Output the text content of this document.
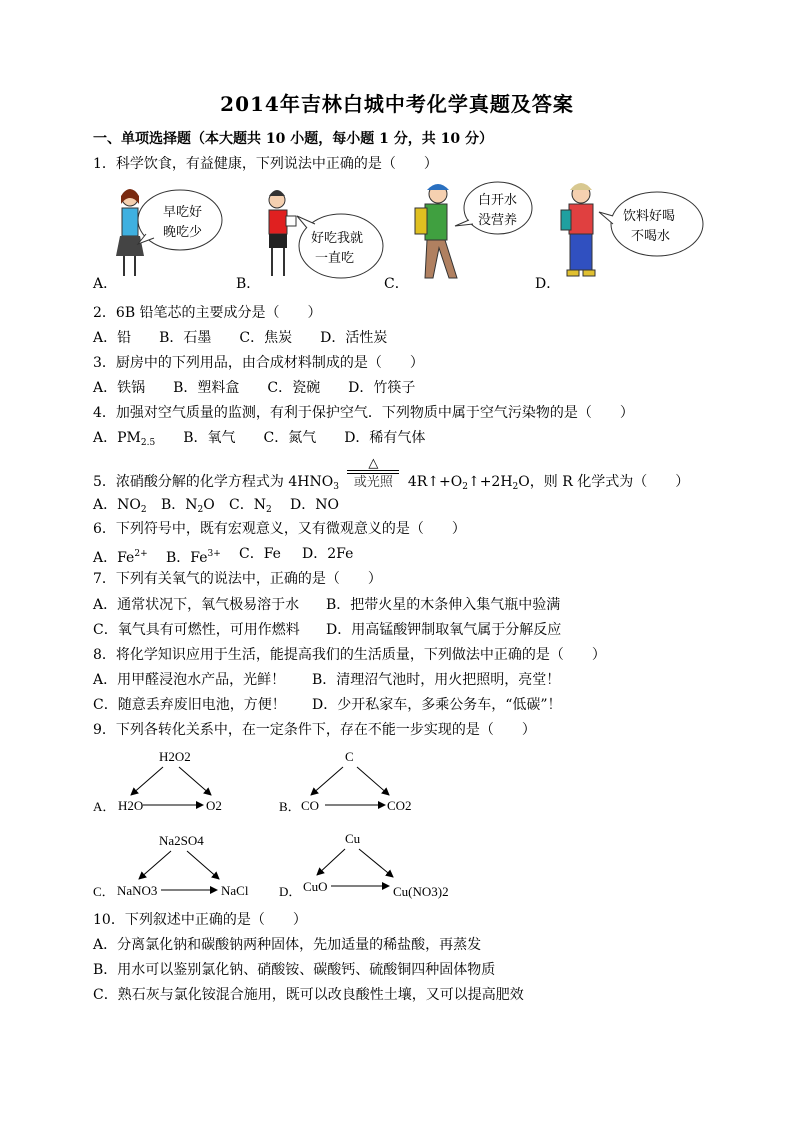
2014年吉林白城中考化学真题及答案
一、单项选择题（本大题共 10 小题，每小题 1 分，共 10 分）
1．科学饮食，有益健康，下列说法中正确的是（　　）
早吃好
晚吃少	好吃我就
一直吃
白开水
没营养	饮料好喝
不喝水
A．	B．	C．	D．
2．6B 铅笔芯的主要成分是（　　）
A．铅　　B．石墨　　C．焦炭　　D．活性炭
3．厨房中的下列用品，由合成材料制成的是（　　）
A．铁锅　　B．塑料盒　　C．瓷碗　　D．竹筷子
4．加强对空气质量的监测，有利于保护空气．下列物质中属于空气污染物的是（　　）
A．$PM_{2.5}$　　B．氧气　　C．氮气　　D．稀有气体
5．浓硝酸分解的化学方程式为 $4HNO_3$
△
或光照 $4R↑+O_2↑+2H_2O$，则 R 化学式为（　　）
A．$NO_2$ B．$N_2O$ C．$N_2$ D．NO
6．下列符号中，既有宏观意义，又有微观意义的是（　　）
A．$Fe^{2+}$ B．$Fe^{3+}$ C．Fe D．2Fe
7．下列有关氧气的说法中，正确的是（　　）
A．通常状况下，氧气极易溶于水 B．把带火星的木条伸入集气瓶中验满
C．氧气具有可燃性，可用作燃料 D．用高锰酸钾制取氧气属于分解反应
8．将化学知识应用于生活，能提高我们的生活质量，下列做法中正确的是（　　）
A．用甲醛浸泡水产品，光鲜！ B．清理沼气池时，用火把照明，亮堂！
C．随意丢弃废旧电池，方便！ D．少开私家车，多乘公务车，“低碳”！
9．下列各转化关系中，在一定条件下，存在不能一步实现的是（　　）
A．
H2O2
H2O	O2	B．
C
CO	CO2
C．
Na2SO4
NaNO3	NaCl D．
Cu
CuO	Cu(NO3)2
10．下列叙述中正确的是（　　）
A．分离氯化钠和碳酸钠两种固体，先加适量的稀盐酸，再蒸发
B．用水可以鉴别氯化钠、硝酸铵、碳酸钙、硫酸铜四种固体物质
C．熟石灰与氯化铵混合施用，既可以改良酸性土壤，又可以提高肥效
